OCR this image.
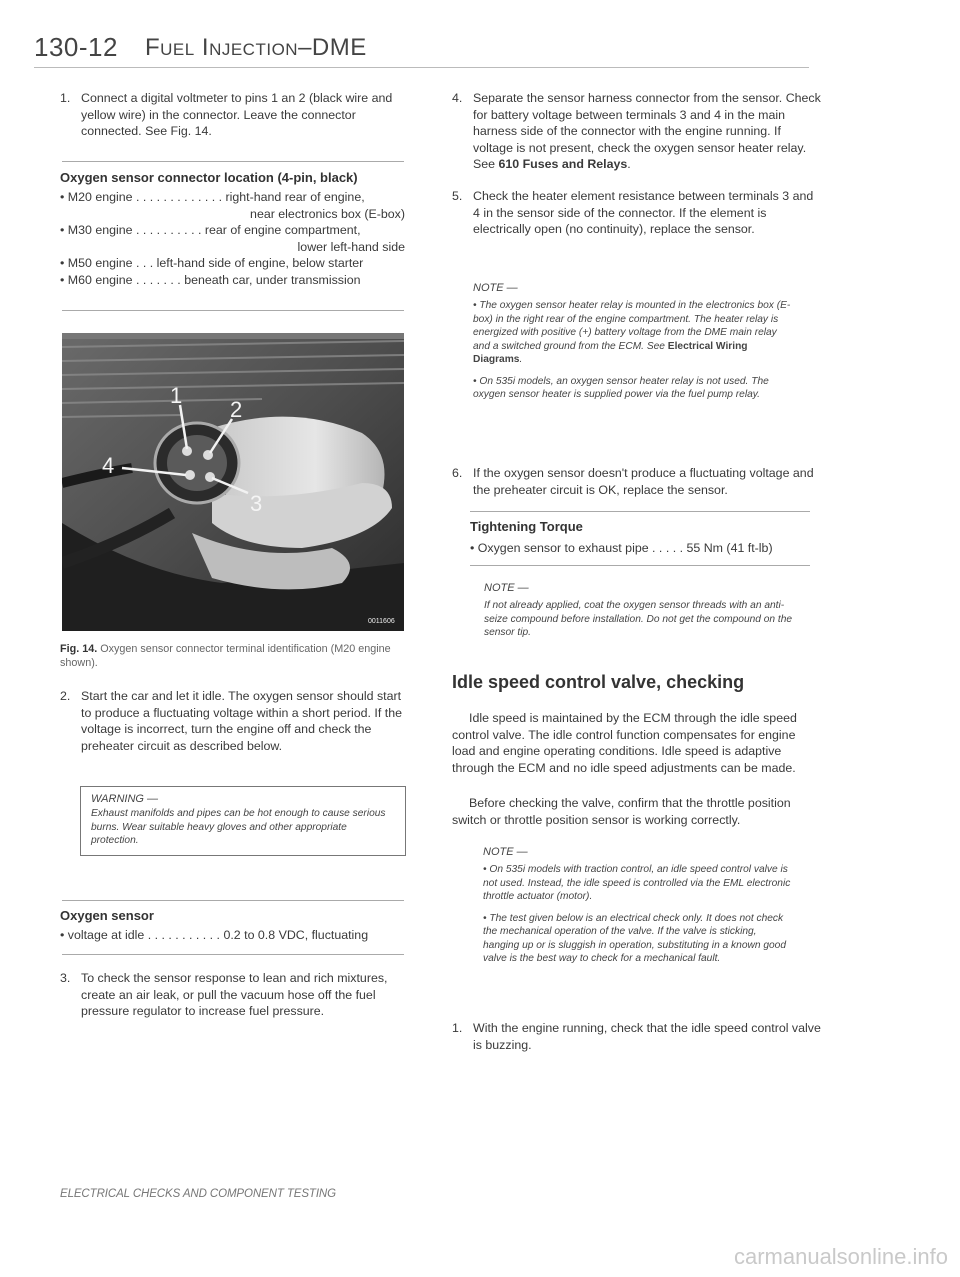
130-12 Fuel Injection–DME

1. Connect a digital voltmeter to pins 1 an 2 (black wire and yellow wire) in the connector. Leave the connector connected. See Fig. 14.

Oxygen sensor connector location (4-pin, black)
• M20 engine . . . . . . . . . . . . . right-hand rear of engine,
near electronics box (E-box)
• M30 engine . . . . . . . . . . rear of engine compartment,
lower left-hand side
• M50 engine . . . left-hand side of engine, below starter
• M60 engine . . . . . . . beneath car, under transmission
1
2
3
4
0011606
Fig. 14. Oxygen sensor connector terminal identification (M20 engine shown).

2. Start the car and let it idle. The oxygen sensor should start to produce a fluctuating voltage within a short period. If the voltage is incorrect, turn the engine off and check the preheater circuit as described below.

WARNING —
Exhaust manifolds and pipes can be hot enough to cause serious burns. Wear suitable heavy gloves and other appropriate protection.
Oxygen sensor
• voltage at idle . . . . . . . . . . . 0.2 to 0.8 VDC, fluctuating

3. To check the sensor response to lean and rich mixtures, create an air leak, or pull the vacuum hose off the fuel pressure regulator to increase fuel pressure.

4. Separate the sensor harness connector from the sensor. Check for battery voltage between terminals 3 and 4 in the main harness side of the connector with the engine running. If voltage is not present, check the oxygen sensor heater relay. See 610 Fuses and Relays.

5. Check the heater element resistance between terminals 3 and 4 in the sensor side of the connector. If the element is electrically open (no continuity), replace the sensor.

NOTE —
• The oxygen sensor heater relay is mounted in the electronics box (E-box) in the right rear of the engine compartment. The heater relay is energized with positive (+) battery voltage from the DME main relay and a switched ground from the ECM. See Electrical Wiring Diagrams.
• On 535i models, an oxygen sensor heater relay is not used. The oxygen sensor heater is supplied power via the fuel pump relay.

6. If the oxygen sensor doesn't produce a fluctuating voltage and the preheater circuit is OK, replace the sensor.

Tightening Torque
• Oxygen sensor to exhaust pipe . . . . . 55 Nm (41 ft-lb)
NOTE —
If not already applied, coat the oxygen sensor threads with an anti-seize compound before installation. Do not get the compound on the sensor tip.
Idle speed control valve, checking

Idle speed is maintained by the ECM through the idle speed control valve. The idle control function compensates for engine load and engine operating conditions. Idle speed is adaptive through the ECM and no idle speed adjustments can be made.

Before checking the valve, confirm that the throttle position switch or throttle position sensor is working correctly.

NOTE —
• On 535i models with traction control, an idle speed control valve is not used. Instead, the idle speed is controlled via the EML electronic throttle actuator (motor).
• The test given below is an electrical check only. It does not check the mechanical operation of the valve. If the valve is sticking, hanging up or is sluggish in operation, substituting in a known good valve is the best way to check for a mechanical fault.

1. With the engine running, check that the idle speed control valve is buzzing.

ELECTRICAL CHECKS AND COMPONENT TESTING
carmanualsonline.info
